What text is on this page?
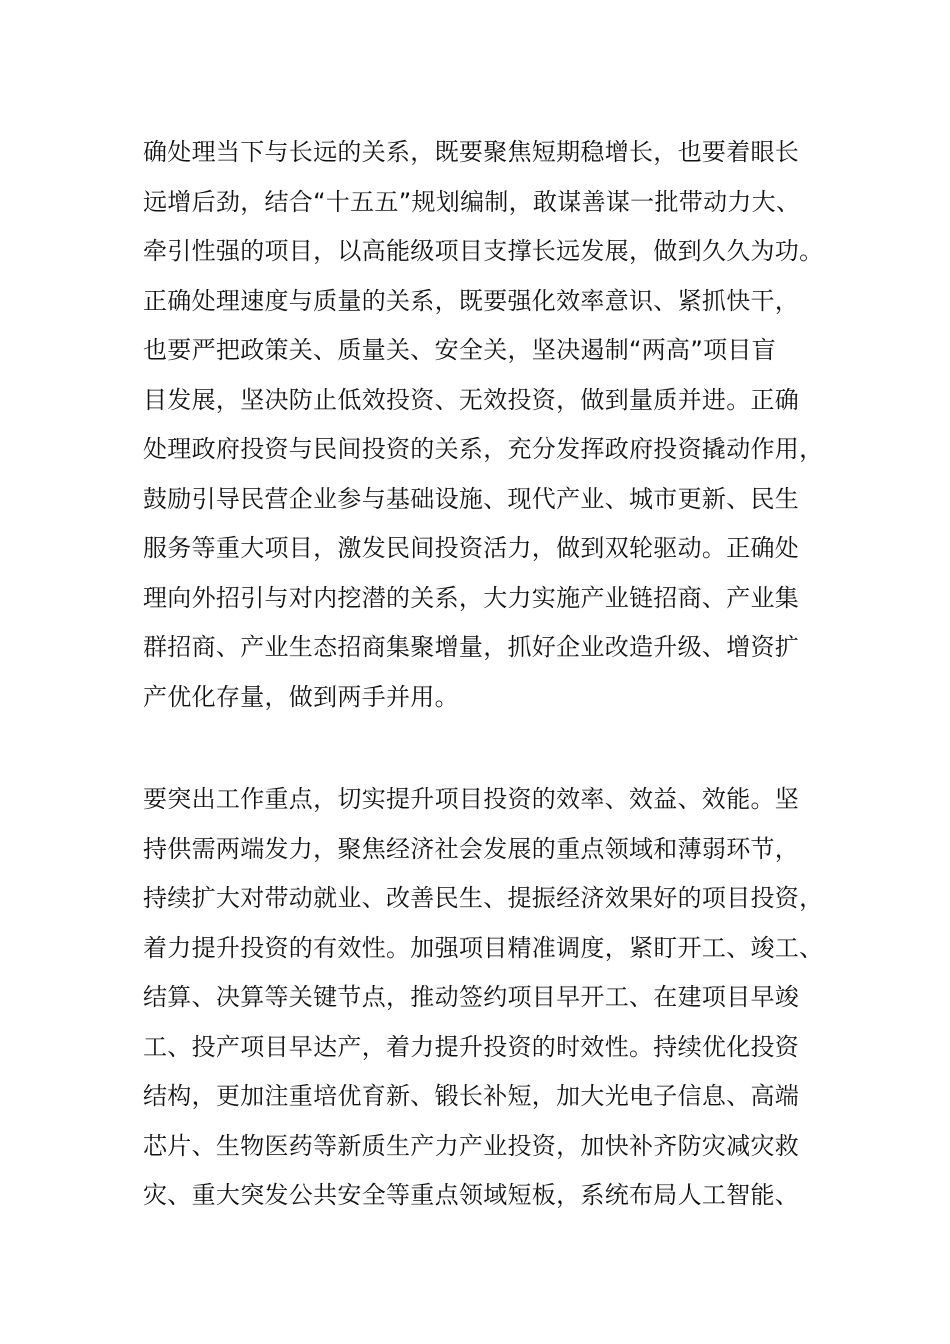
确处理当下与长远的关系，既要聚焦短期稳增长，也要着眼长
远增后劲，结合“十五五”规划编制，敢谋善谋一批带动力大、
牵引性强的项目，以高能级项目支撑长远发展，做到久久为功。
正确处理速度与质量的关系，既要强化效率意识、紧抓快干，
也要严把政策关、质量关、安全关，坚决遏制“两高”项目盲
目发展，坚决防止低效投资、无效投资，做到量质并进。正确
处理政府投资与民间投资的关系，充分发挥政府投资撬动作用，
鼓励引导民营企业参与基础设施、现代产业、城市更新、民生
服务等重大项目，激发民间投资活力，做到双轮驱动。正确处
理向外招引与对内挖潜的关系，大力实施产业链招商、产业集
群招商、产业生态招商集聚增量，抓好企业改造升级、增资扩
产优化存量，做到两手并用。
要突出工作重点，切实提升项目投资的效率、效益、效能。坚
持供需两端发力，聚焦经济社会发展的重点领域和薄弱环节，
持续扩大对带动就业、改善民生、提振经济效果好的项目投资，
着力提升投资的有效性。加强项目精准调度，紧盯开工、竣工、
结算、决算等关键节点，推动签约项目早开工、在建项目早竣
工、投产项目早达产，着力提升投资的时效性。持续优化投资
结构，更加注重培优育新、锻长补短，加大光电子信息、高端
芯片、生物医药等新质生产力产业投资，加快补齐防灾减灾救
灾、重大突发公共安全等重点领域短板，系统布局人工智能、
